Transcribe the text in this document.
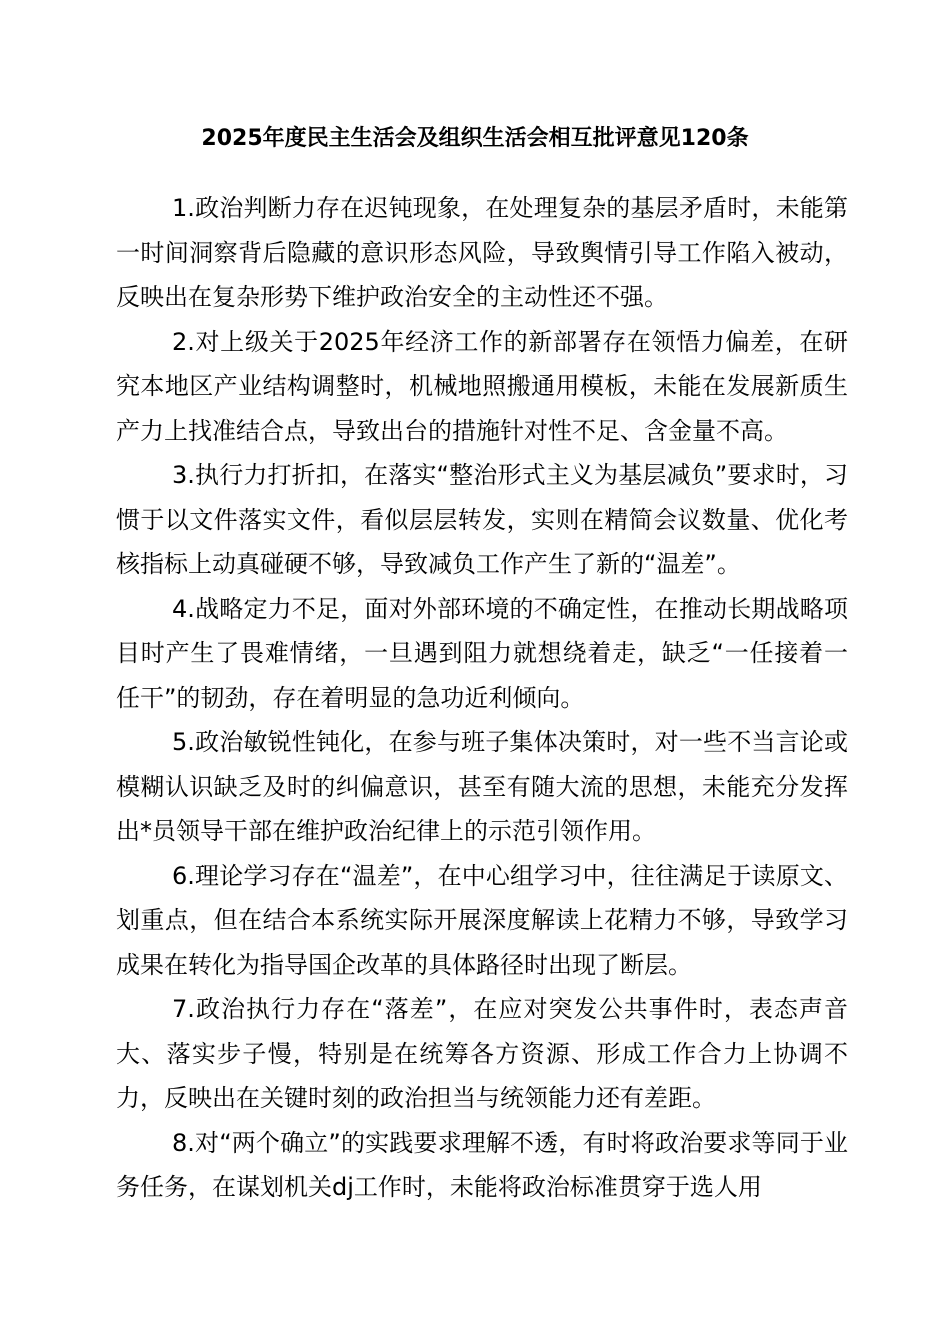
2025年度民主生活会及组织生活会相互批评意见120条

1.政治判断力存在迟钝现象，在处理复杂的基层矛盾时，未能第一时间洞察背后隐藏的意识形态风险，导致舆情引导工作陷入被动，反映出在复杂形势下维护政治安全的主动性还不强。

2.对上级关于2025年经济工作的新部署存在领悟力偏差，在研究本地区产业结构调整时，机械地照搬通用模板，未能在发展新质生产力上找准结合点，导致出台的措施针对性不足、含金量不高。

3.执行力打折扣，在落实“整治形式主义为基层减负”要求时，习惯于以文件落实文件，看似层层转发，实则在精简会议数量、优化考核指标上动真碰硬不够，导致减负工作产生了新的“温差”。

4.战略定力不足，面对外部环境的不确定性，在推动长期战略项目时产生了畏难情绪，一旦遇到阻力就想绕着走，缺乏“一任接着一任干”的韧劲，存在着明显的急功近利倾向。

5.政治敏锐性钝化，在参与班子集体决策时，对一些不当言论或模糊认识缺乏及时的纠偏意识，甚至有随大流的思想，未能充分发挥出*员领导干部在维护政治纪律上的示范引领作用。

6.理论学习存在“温差”，在中心组学习中，往往满足于读原文、划重点，但在结合本系统实际开展深度解读上花精力不够，导致学习成果在转化为指导国企改革的具体路径时出现了断层。

7.政治执行力存在“落差”，在应对突发公共事件时，表态声音大、落实步子慢，特别是在统筹各方资源、形成工作合力上协调不力，反映出在关键时刻的政治担当与统领能力还有差距。

8.对“两个确立”的实践要求理解不透，有时将政治要求等同于业务任务，在谋划机关dj工作时，未能将政治标准贯穿于选人用
